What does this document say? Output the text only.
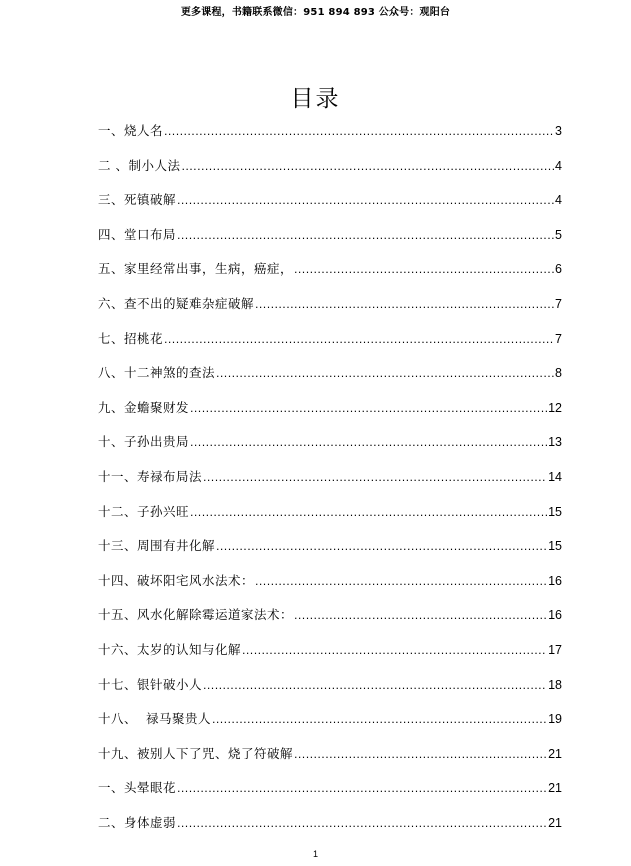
更多课程，书籍联系微信：951 894 893 公众号：观阳台
目录
一、烧人名 .....	3
二 、制小人法 .....	4
三、死镇破解 .....	4
四、堂口布局 .....	5
五、家里经常出事，生病，癌症， .....	6
六、查不出的疑难杂症破解 .....	7
七、招桃花 .....	7
八、十二神煞的查法 .....	8
九、金蟾聚财发 .....	12
十、子孙出贵局 .....	13
十一、寿禄布局法 .....	14
十二、子孙兴旺 .....	15
十三、周围有井化解 .....	15
十四、破坏阳宅风水法术： .....	16
十五、风水化解除霉运道家法术： .....	16
十六、太岁的认知与化解 .....	17
十七、银针破小人 .....	18
十八、  禄马聚贵人 .....	19
十九、被别人下了咒、烧了符破解 .....	21
一、头晕眼花 .....	21
二、身体虚弱 .....	21
1
